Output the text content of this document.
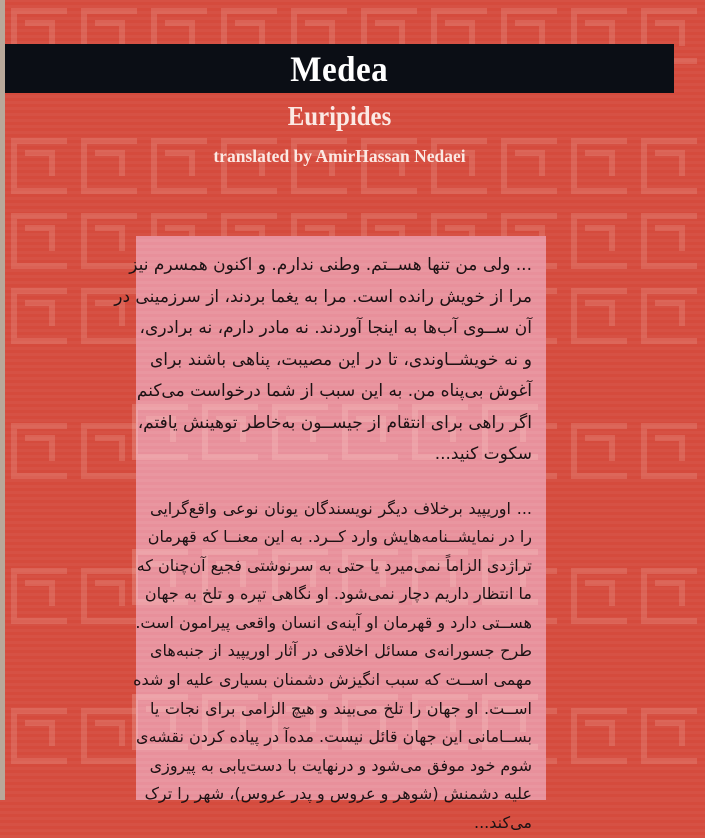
Medea
Euripides
translated by AmirHassan Nedaei
... ولی من تنها هســتم. وطنی ندارم. و اکنون همسرم نیز
مرا از خویش رانده است. مرا به یغما بردند، از سرزمینی در
آن ســوی آب‌ها به اینجا آوردند. نه مادر دارم، نه برادری،
و نه خویشــاوندی، تا در این مصیبت، پناهی باشند برای
آغوش بی‌پناه من. به این سبب از شما درخواست می‌کنم
اگر راهی برای انتقام از جیســون به‌خاطر توهینش یافتم،
سکوت کنید...
... اوریپید برخلاف دیگر نویسندگان یونان نوعی واقع‌گرایی
را در نمایشــنامه‌هایش وارد کــرد. به این معنــا که قهرمان
تراژدی الزاماً نمی‌میرد یا حتی به سرنوشتی فجیع آن‌چنان که
ما انتظار داریم دچار نمی‌شود. او نگاهی تیره و تلخ به جهان
هســتی دارد و قهرمان او آینه‌ی انسان واقعی پیرامون است.
طرح جسورانه‌ی مسائل اخلاقی در آثار اوریپید از جنبه‌های
مهمی اســت که سبب انگیزش دشمنان بسیاری علیه او شده
اســت. او جهان را تلخ می‌بیند و هیچ الزامی برای نجات یا
بســامانی این جهان قائل نیست. مده‌آ در پیاده کردن نقشه‌ی
شوم خود موفق می‌شود و درنهایت با دست‌یابی به پیروزی
علیه دشمنش (شوهر و عروس و پدر عروس)، شهر را ترک
می‌کند...
